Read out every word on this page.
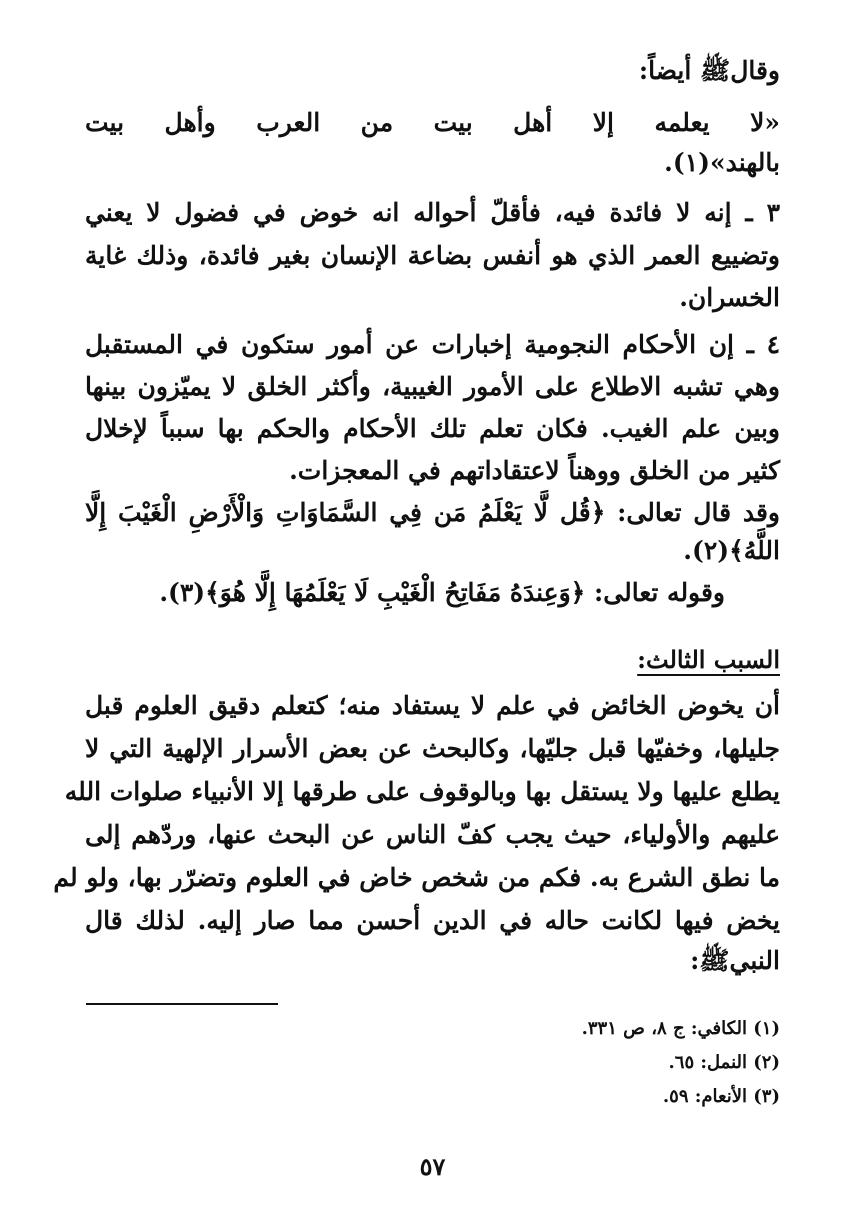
وقالﷺ أيضاً:
«لا يعلمه إلا أهل بيت من العرب وأهل بيت
بالهند»(١).
٣ ـ إنه لا فائدة فيه، فأقلّ أحواله انه خوض في فضول لا يعني
وتضييع العمر الذي هو أنفس بضاعة الإنسان بغير فائدة، وذلك غاية
الخسران.
٤ ـ إن الأحكام النجومية إخبارات عن أمور ستكون في المستقبل
وهي تشبه الاطلاع على الأمور الغيبية، وأكثر الخلق لا يميّزون بينها
وبين علم الغيب. فكان تعلم تلك الأحكام والحكم بها سبباً لإخلال
كثير من الخلق ووهناً لاعتقاداتهم في المعجزات.
وقد قال تعالى: ﴿قُل لَّا يَعْلَمُ مَن فِي السَّمَاوَاتِ وَالْأَرْضِ الْغَيْبَ إِلَّا
اللَّهُ﴾(٢).
وقوله تعالى: ﴿وَعِندَهُ مَفَاتِحُ الْغَيْبِ لَا يَعْلَمُهَا إِلَّا هُوَ﴾(٣).
السبب الثالث:
أن يخوض الخائض في علم لا يستفاد منه؛ كتعلم دقيق العلوم قبل
جليلها، وخفيّها قبل جليّها، وكالبحث عن بعض الأسرار الإلهية التي لا
يطلع عليها ولا يستقل بها وبالوقوف على طرقها إلا الأنبياء صلوات الله
عليهم والأولياء، حيث يجب كفّ الناس عن البحث عنها، وردّهم إلى
ما نطق الشرع به. فكم من شخص خاض في العلوم وتضرّر بها، ولو لم
يخض فيها لكانت حاله في الدين أحسن مما صار إليه. لذلك قال
النبيﷺ:
(١) الكافي: ج ٨، ص ٣٣١.
(٢) النمل: ٦٥.
(٣) الأنعام: ٥٩.
٥٧
